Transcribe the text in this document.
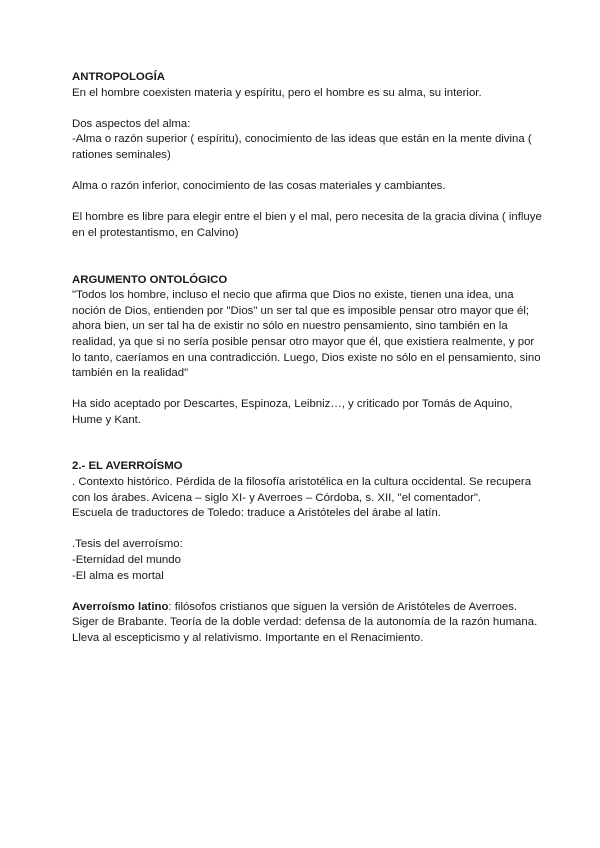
ANTROPOLOGÍA

En el hombre coexisten materia y espíritu, pero el hombre es su alma, su interior.

Dos aspectos del alma:

-Alma o razón superior ( espíritu), conocimiento de las ideas que están en la mente divina ( rationes seminales)

Alma o razón inferior, conocimiento de las cosas materiales y cambiantes.

El hombre es libre para elegir entre el bien y el mal, pero necesita de la gracia divina ( influye en el protestantismo, en Calvino)

ARGUMENTO ONTOLÓGICO

"Todos los hombre, incluso el necio que afirma que Dios no existe, tienen una idea, una noción de Dios, entienden por "Dios" un ser tal que es imposible pensar otro mayor que él; ahora bien, un ser tal ha de existir no sólo en nuestro pensamiento, sino también en la realidad, ya que si no sería posible pensar otro mayor que él, que existiera realmente, y por lo tanto, caeríamos en una contradicción. Luego, Dios existe no sólo en el pensamiento, sino también en la realidad"

Ha sido aceptado por Descartes, Espinoza, Leibniz…, y criticado por Tomás de Aquino, Hume y Kant.

2.- EL AVERROÍSMO

. Contexto histórico. Pérdida de la filosofía aristotélica en la cultura occidental. Se recupera con los árabes. Avicena – siglo XI- y Averroes – Córdoba, s. XII, "el comentador".

Escuela de traductores de Toledo: traduce a Aristóteles del árabe al latín.

.Tesis del averroísmo:

-Eternidad del mundo

-El alma es mortal

Averroísmo latino: filósofos cristianos que siguen la versión de Aristóteles de Averroes. Siger de Brabante. Teoría de la doble verdad: defensa de la autonomía de la razón humana. Lleva al escepticismo y al relativismo. Importante en el Renacimiento.
